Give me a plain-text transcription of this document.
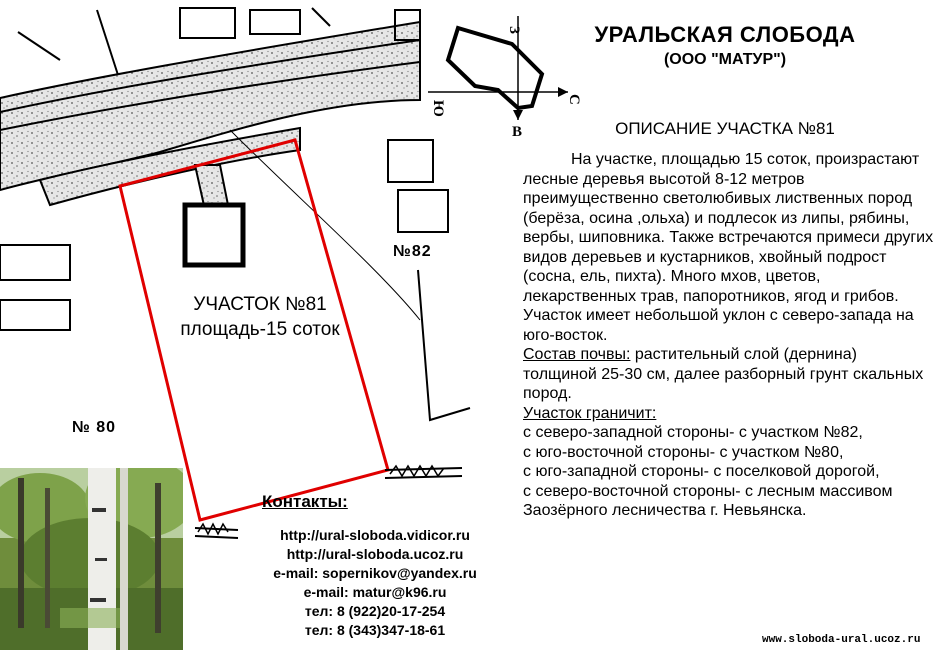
З
С
Ю
В
УРАЛЬСКАЯ СЛОБОДА
(ООО "МАТУР")
ОПИСАНИЕ УЧАСТКА №81

На участке, площадью 15 соток, произрастают лесные деревья высотой 8-12 метров преимущественно светолюбивых лиственных пород (берёза, осина ,ольха) и подлесок из липы, рябины, вербы, шиповника. Также встречаются примеси других видов деревьев и кустарников, хвойный подрост (сосна, ель, пихта). Много мхов, цветов, лекарственных трав, папоротников, ягод и грибов. Участок имеет небольшой уклон с северо-запада на юго-восток.

Состав почвы: растительный слой (дернина) толщиной 25-30 см, далее разборный грунт скальных пород.

Участок граничит:

с северо-западной стороны- с участком №82,

с юго-восточной стороны- с участком №80,

с юго-западной стороны- с поселковой дорогой,

с северо-восточной стороны- с лесным массивом Заозёрного лесничества г. Невьянска.

УЧАСТОК №81
площадь-15 соток
№82
№ 80
Контакты:
http://ural-sloboda.vidicor.ru
http://ural-sloboda.ucoz.ru
e-mail: sopernikov@yandex.ru
e-mail: matur@k96.ru
тел: 8 (922)20-17-254
тел: 8 (343)347-18-61
www.sloboda-ural.ucoz.ru
